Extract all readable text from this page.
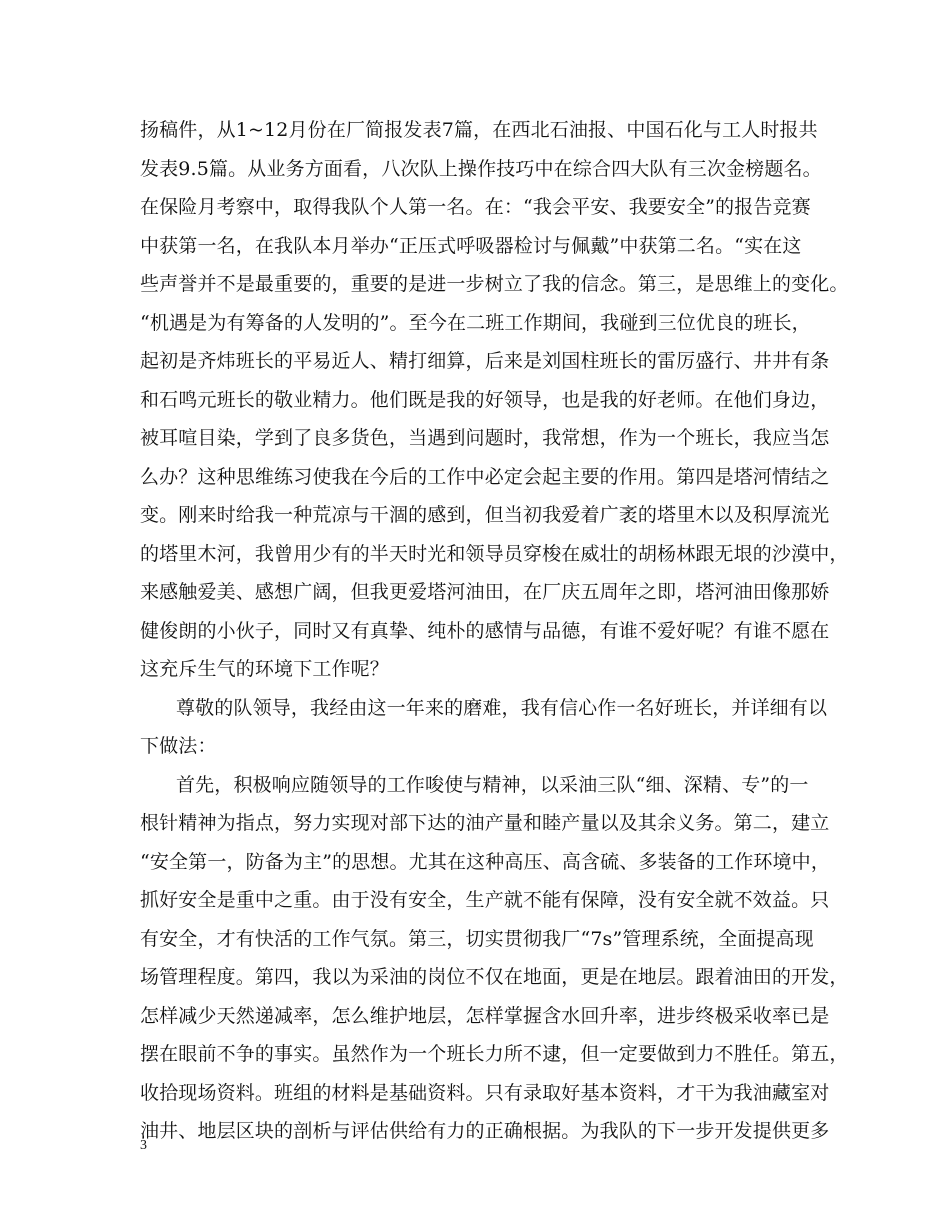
扬稿件，从1~12月份在厂简报发表7篇，在西北石油报、中国石化与工人时报共
发表9.5篇。从业务方面看，八次队上操作技巧中在综合四大队有三次金榜题名。
在保险月考察中，取得我队个人第一名。在：“我会平安、我要安全”的报告竞赛
中获第一名，在我队本月举办“正压式呼吸器检讨与佩戴”中获第二名。“实在这
些声誉并不是最重要的，重要的是进一步树立了我的信念。第三，是思维上的变化。
“机遇是为有筹备的人发明的”。至今在二班工作期间，我碰到三位优良的班长，
起初是齐炜班长的平易近人、精打细算，后来是刘国柱班长的雷厉盛行、井井有条
和石鸣元班长的敬业精力。他们既是我的好领导，也是我的好老师。在他们身边，
被耳喧目染，学到了良多货色，当遇到问题时，我常想，作为一个班长，我应当怎
么办？这种思维练习使我在今后的工作中必定会起主要的作用。第四是塔河情结之
变。刚来时给我一种荒凉与干涸的感到，但当初我爱着广袤的塔里木以及积厚流光
的塔里木河，我曾用少有的半天时光和领导员穿梭在威壮的胡杨林跟无垠的沙漠中，
来感触爱美、感想广阔，但我更爱塔河油田，在厂庆五周年之即，塔河油田像那娇
健俊朗的小伙子，同时又有真挚、纯朴的感情与品德，有谁不爱好呢？有谁不愿在
这充斥生气的环境下工作呢？
尊敬的队领导，我经由这一年来的磨难，我有信心作一名好班长，并详细有以
下做法：
首先，积极响应随领导的工作唆使与精神，以采油三队“细、深精、专”的一
根针精神为指点，努力实现对部下达的油产量和睦产量以及其余义务。第二，建立
“安全第一，防备为主”的思想。尤其在这种高压、高含硫、多装备的工作环境中，
抓好安全是重中之重。由于没有安全，生产就不能有保障，没有安全就不效益。只
有安全，才有快活的工作气氛。第三，切实贯彻我厂“7s”管理系统，全面提高现
场管理程度。第四，我以为采油的岗位不仅在地面，更是在地层。跟着油田的开发，
怎样减少天然递减率，怎么维护地层，怎样掌握含水回升率，进步终极采收率已是
摆在眼前不争的事实。虽然作为一个班长力所不逮，但一定要做到力不胜任。第五，
收拾现场资料。班组的材料是基础资料。只有录取好基本资料，才干为我油藏室对
油井、地层区块的剖析与评估供给有力的正确根据。为我队的下一步开发提供更多
3
